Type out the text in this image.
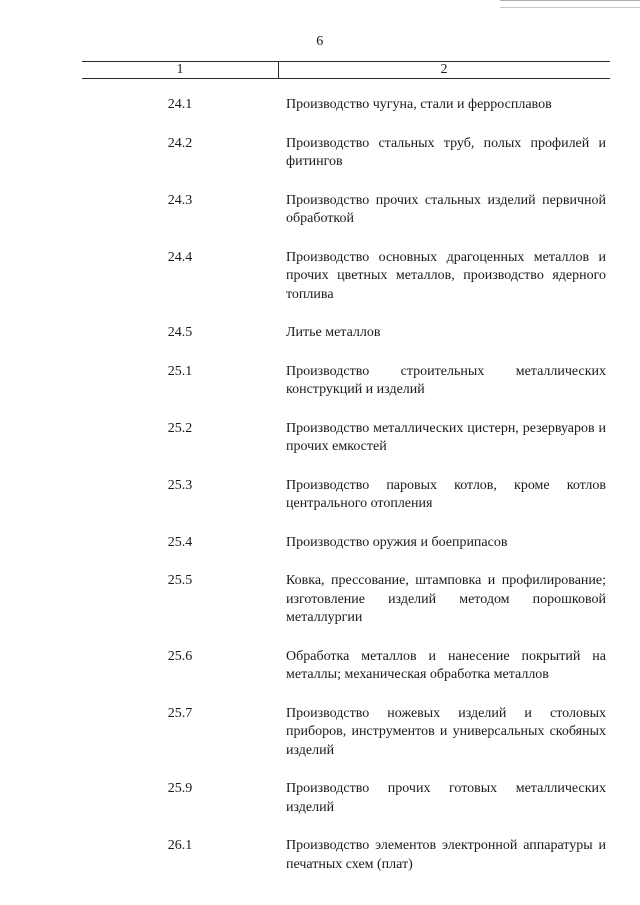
6
1	2
24.1	Производство чугуна, стали и ферросплавов
24.2	Производство стальных труб, полых профилей и фитингов
24.3	Производство прочих стальных изделий первичной обработкой
24.4	Производство основных драгоценных металлов и прочих цветных металлов, производство ядерного топлива
24.5	Литье металлов
25.1	Производство строительных металлических конструкций и изделий
25.2	Производство металлических цистерн, резервуаров и прочих емкостей
25.3	Производство паровых котлов, кроме котлов центрального отопления
25.4	Производство оружия и боеприпасов
25.5	Ковка, прессование, штамповка и профилирование; изготовление изделий методом порошковой металлургии
25.6	Обработка металлов и нанесение покрытий на металлы; механическая обработка металлов
25.7	Производство ножевых изделий и столовых приборов, инструментов и универсальных скобяных изделий
25.9	Производство прочих готовых металлических изделий
26.1	Производство элементов электронной аппаратуры и печатных схем (плат)
